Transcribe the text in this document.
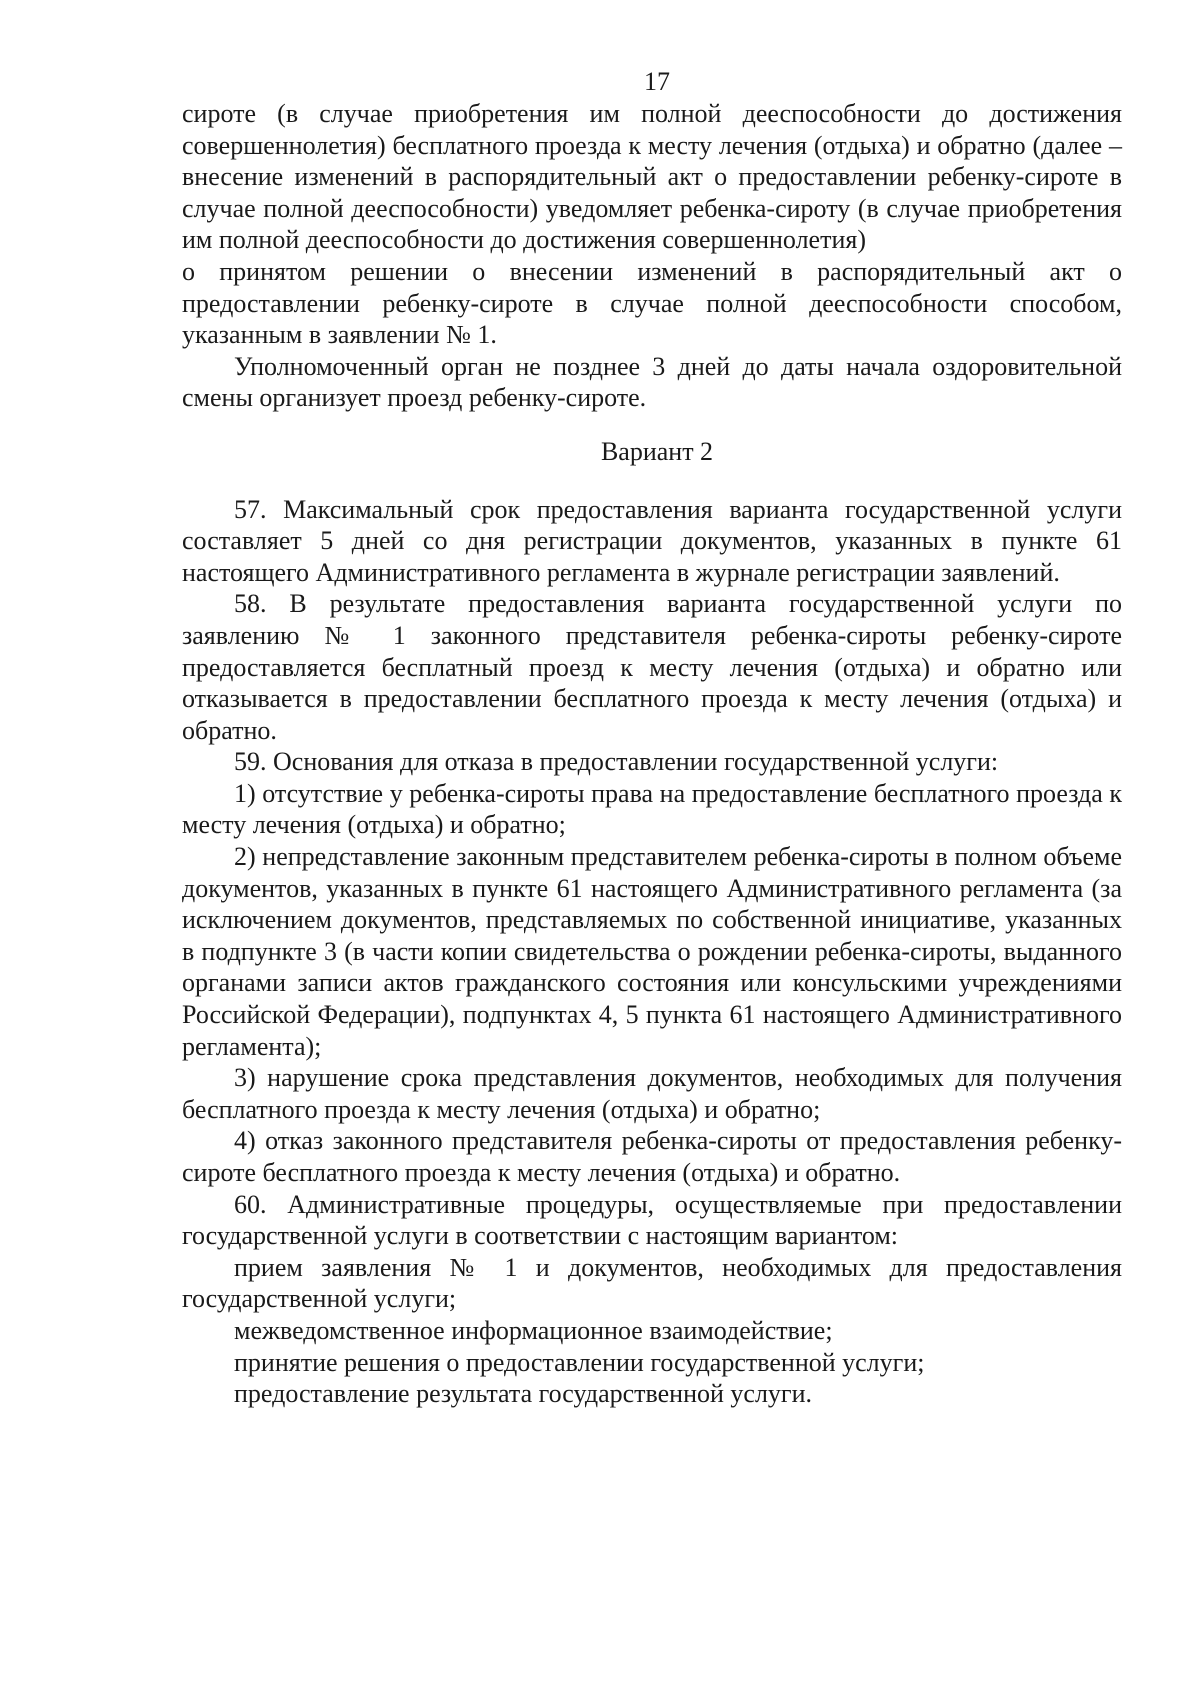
17

сироте (в случае приобретения им полной дееспособности до достижения совершеннолетия) бесплатного проезда к месту лечения (отдыха) и обратно (далее – внесение изменений в распорядительный акт о предоставлении ребенку-сироте в случае полной дееспособности) уведомляет ребенка-сироту (в случае приобретения им полной дееспособности до достижения совершеннолетия)

о принятом решении о внесении изменений в распорядительный акт о предоставлении ребенку-сироте в случае полной дееспособности способом, указанным в заявлении № 1.

Уполномоченный орган не позднее 3 дней до даты начала оздоровительной смены организует проезд ребенку-сироте.

Вариант 2

57. Максимальный срок предоставления варианта государственной услуги составляет 5 дней со дня регистрации документов, указанных в пункте 61 настоящего Административного регламента в журнале регистрации заявлений.

58. В результате предоставления варианта государственной услуги по заявлению № 1 законного представителя ребенка-сироты ребенку-сироте предоставляется бесплатный проезд к месту лечения (отдыха) и обратно или отказывается в предоставлении бесплатного проезда к месту лечения (отдыха) и обратно.

59. Основания для отказа в предоставлении государственной услуги:

1) отсутствие у ребенка-сироты права на предоставление бесплатного проезда к месту лечения (отдыха) и обратно;

2) непредставление законным представителем ребенка-сироты в полном объеме документов, указанных в пункте 61 настоящего Административного регламента (за исключением документов, представляемых по собственной инициативе, указанных в подпункте 3 (в части копии свидетельства о рождении ребенка-сироты, выданного органами записи актов гражданского состояния или консульскими учреждениями Российской Федерации), подпунктах 4, 5 пункта 61 настоящего Административного регламента);

3) нарушение срока представления документов, необходимых для получения бесплатного проезда к месту лечения (отдыха) и обратно;

4) отказ законного представителя ребенка-сироты от предоставления ребенку-сироте бесплатного проезда к месту лечения (отдыха) и обратно.

60. Административные процедуры, осуществляемые при предоставлении государственной услуги в соответствии с настоящим вариантом:

прием заявления № 1 и документов, необходимых для предоставления государственной услуги;

межведомственное информационное взаимодействие;

принятие решения о предоставлении государственной услуги;

предоставление результата государственной услуги.
